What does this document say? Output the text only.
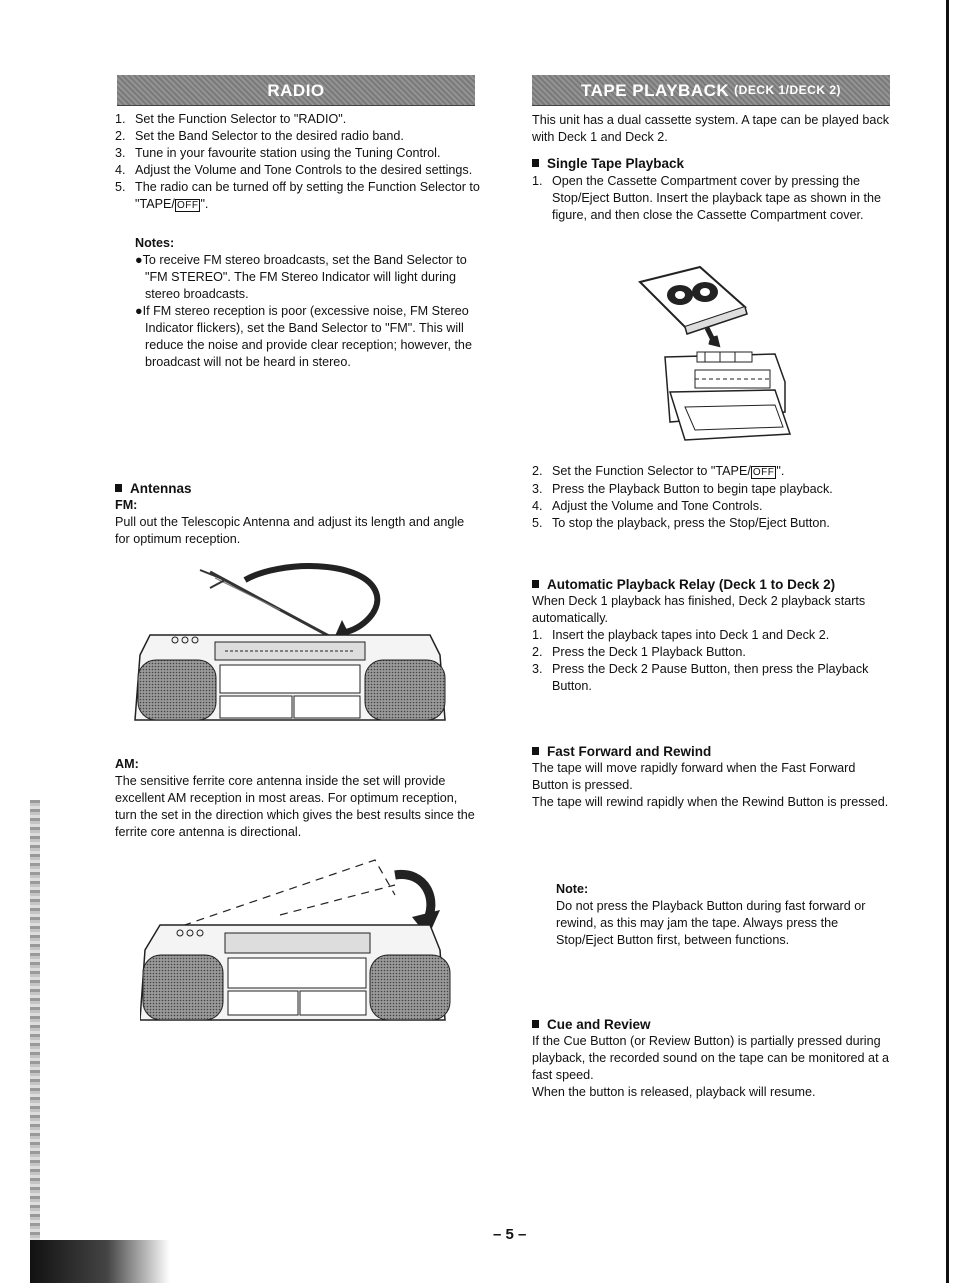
RADIO
1. Set the Function Selector to "RADIO".
2. Set the Band Selector to the desired radio band.
3. Tune in your favourite station using the Tuning Control.
4. Adjust the Volume and Tone Controls to the desired settings.
5. The radio can be turned off by setting the Function Selector to "TAPE/ OFF ".
Notes:

●To receive FM stereo broadcasts, set the Band Selector to "FM STEREO". The FM Stereo Indicator will light during stereo broadcasts.

●If FM stereo reception is poor (excessive noise, FM Stereo Indicator flickers), set the Band Selector to "FM". This will reduce the noise and provide clear reception; however, the broadcast will not be heard in stereo.

Antennas
FM:

Pull out the Telescopic Antenna and adjust its length and angle for optimum reception.

AM:

The sensitive ferrite core antenna inside the set will provide excellent AM reception in most areas. For optimum reception, turn the set in the direction which gives the best results since the ferrite core antenna is directional.

TAPE PLAYBACK (DECK 1/DECK 2)

This unit has a dual cassette system. A tape can be played back with Deck 1 and Deck 2.

Single Tape Playback
1. Open the Cassette Compartment cover by pressing the Stop/Eject Button. Insert the playback tape as shown in the figure, and then close the Cassette Compartment cover.
2. Set the Function Selector to "TAPE/ OFF ".
3. Press the Playback Button to begin tape playback.
4. Adjust the Volume and Tone Controls.
5. To stop the playback, press the Stop/Eject Button.
Automatic Playback Relay (Deck 1 to Deck 2)

When Deck 1 playback has finished, Deck 2 playback starts automatically.

1. Insert the playback tapes into Deck 1 and Deck 2.
2. Press the Deck 1 Playback Button.
3. Press the Deck 2 Pause Button, then press the Playback Button.
Fast Forward and Rewind

The tape will move rapidly forward when the Fast Forward Button is pressed.

The tape will rewind rapidly when the Rewind Button is pressed.

Note:

Do not press the Playback Button during fast forward or rewind, as this may jam the tape. Always press the Stop/Eject Button first, between functions.

Cue and Review

If the Cue Button (or Review Button) is partially pressed during playback, the recorded sound on the tape can be monitored at a fast speed.

When the button is released, playback will resume.

– 5 –
